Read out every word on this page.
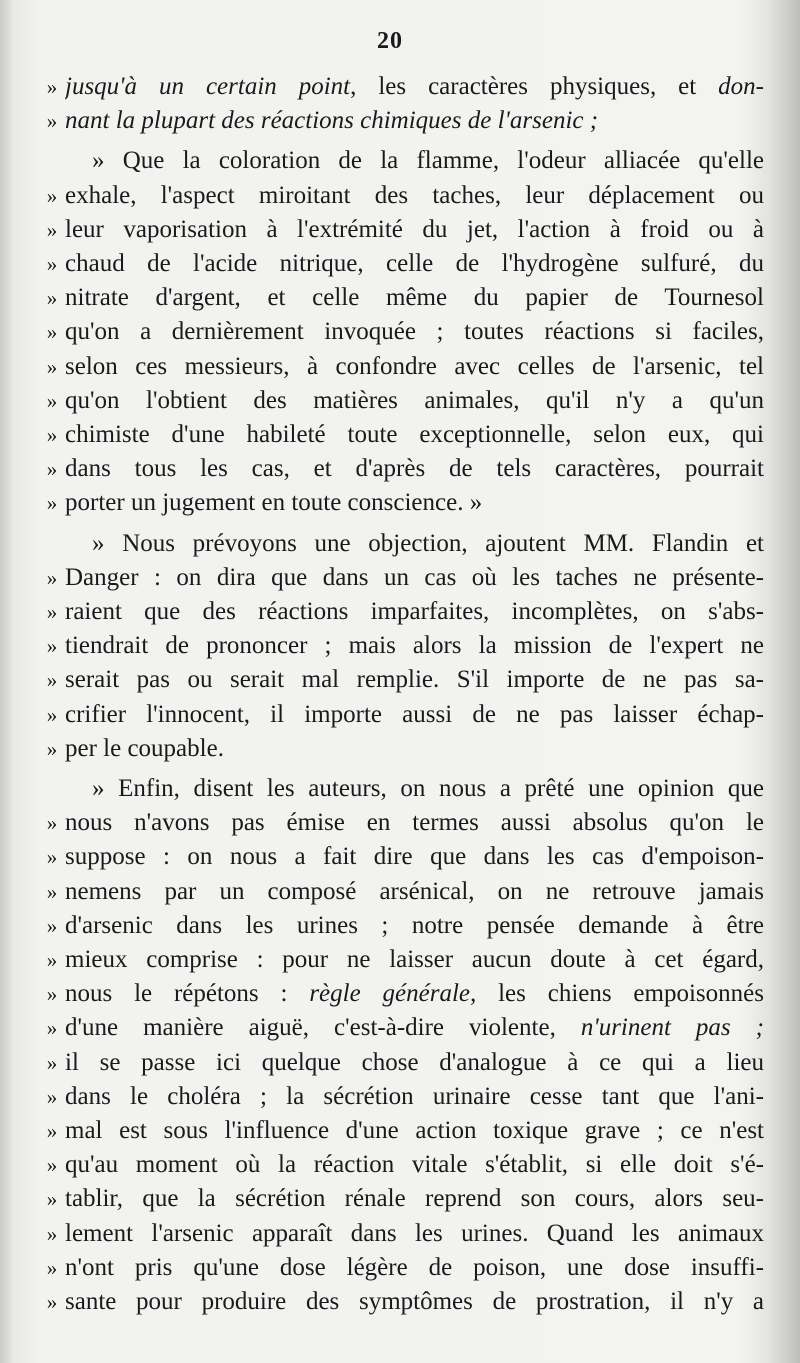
20
» jusqu'à un certain point, les caractères physiques, et don-
» nant la plupart des réactions chimiques de l'arsenic ;
» Que la coloration de la flamme, l'odeur alliacée qu'elle
» exhale, l'aspect miroitant des taches, leur déplacement ou
» leur vaporisation à l'extrémité du jet, l'action à froid ou à
» chaud de l'acide nitrique, celle de l'hydrogène sulfuré, du
» nitrate d'argent, et celle même du papier de Tournesol
» qu'on a dernièrement invoquée ; toutes réactions si faciles,
» selon ces messieurs, à confondre avec celles de l'arsenic, tel
» qu'on l'obtient des matières animales, qu'il n'y a qu'un
» chimiste d'une habileté toute exceptionnelle, selon eux, qui
» dans tous les cas, et d'après de tels caractères, pourrait
» porter un jugement en toute conscience. »
» Nous prévoyons une objection, ajoutent MM. Flandin et
» Danger : on dira que dans un cas où les taches ne présente-
» raient que des réactions imparfaites, incomplètes, on s'abs-
» tiendrait de prononcer ; mais alors la mission de l'expert ne
» serait pas ou serait mal remplie. S'il importe de ne pas sa-
» crifier l'innocent, il importe aussi de ne pas laisser échap-
» per le coupable.
» Enfin, disent les auteurs, on nous a prêté une opinion que
» nous n'avons pas émise en termes aussi absolus qu'on le
» suppose : on nous a fait dire que dans les cas d'empoison-
» nemens par un composé arsénical, on ne retrouve jamais
» d'arsenic dans les urines ; notre pensée demande à être
» mieux comprise : pour ne laisser aucun doute à cet égard,
» nous le répétons : règle générale, les chiens empoisonnés
» d'une manière aiguë, c'est-à-dire violente, n'urinent pas ;
» il se passe ici quelque chose d'analogue à ce qui a lieu
» dans le choléra ; la sécrétion urinaire cesse tant que l'ani-
» mal est sous l'influence d'une action toxique grave ; ce n'est
» qu'au moment où la réaction vitale s'établit, si elle doit s'é-
» tablir, que la sécrétion rénale reprend son cours, alors seu-
» lement l'arsenic apparaît dans les urines. Quand les animaux
» n'ont pris qu'une dose légère de poison, une dose insuffi-
» sante pour produire des symptômes de prostration, il n'y a
